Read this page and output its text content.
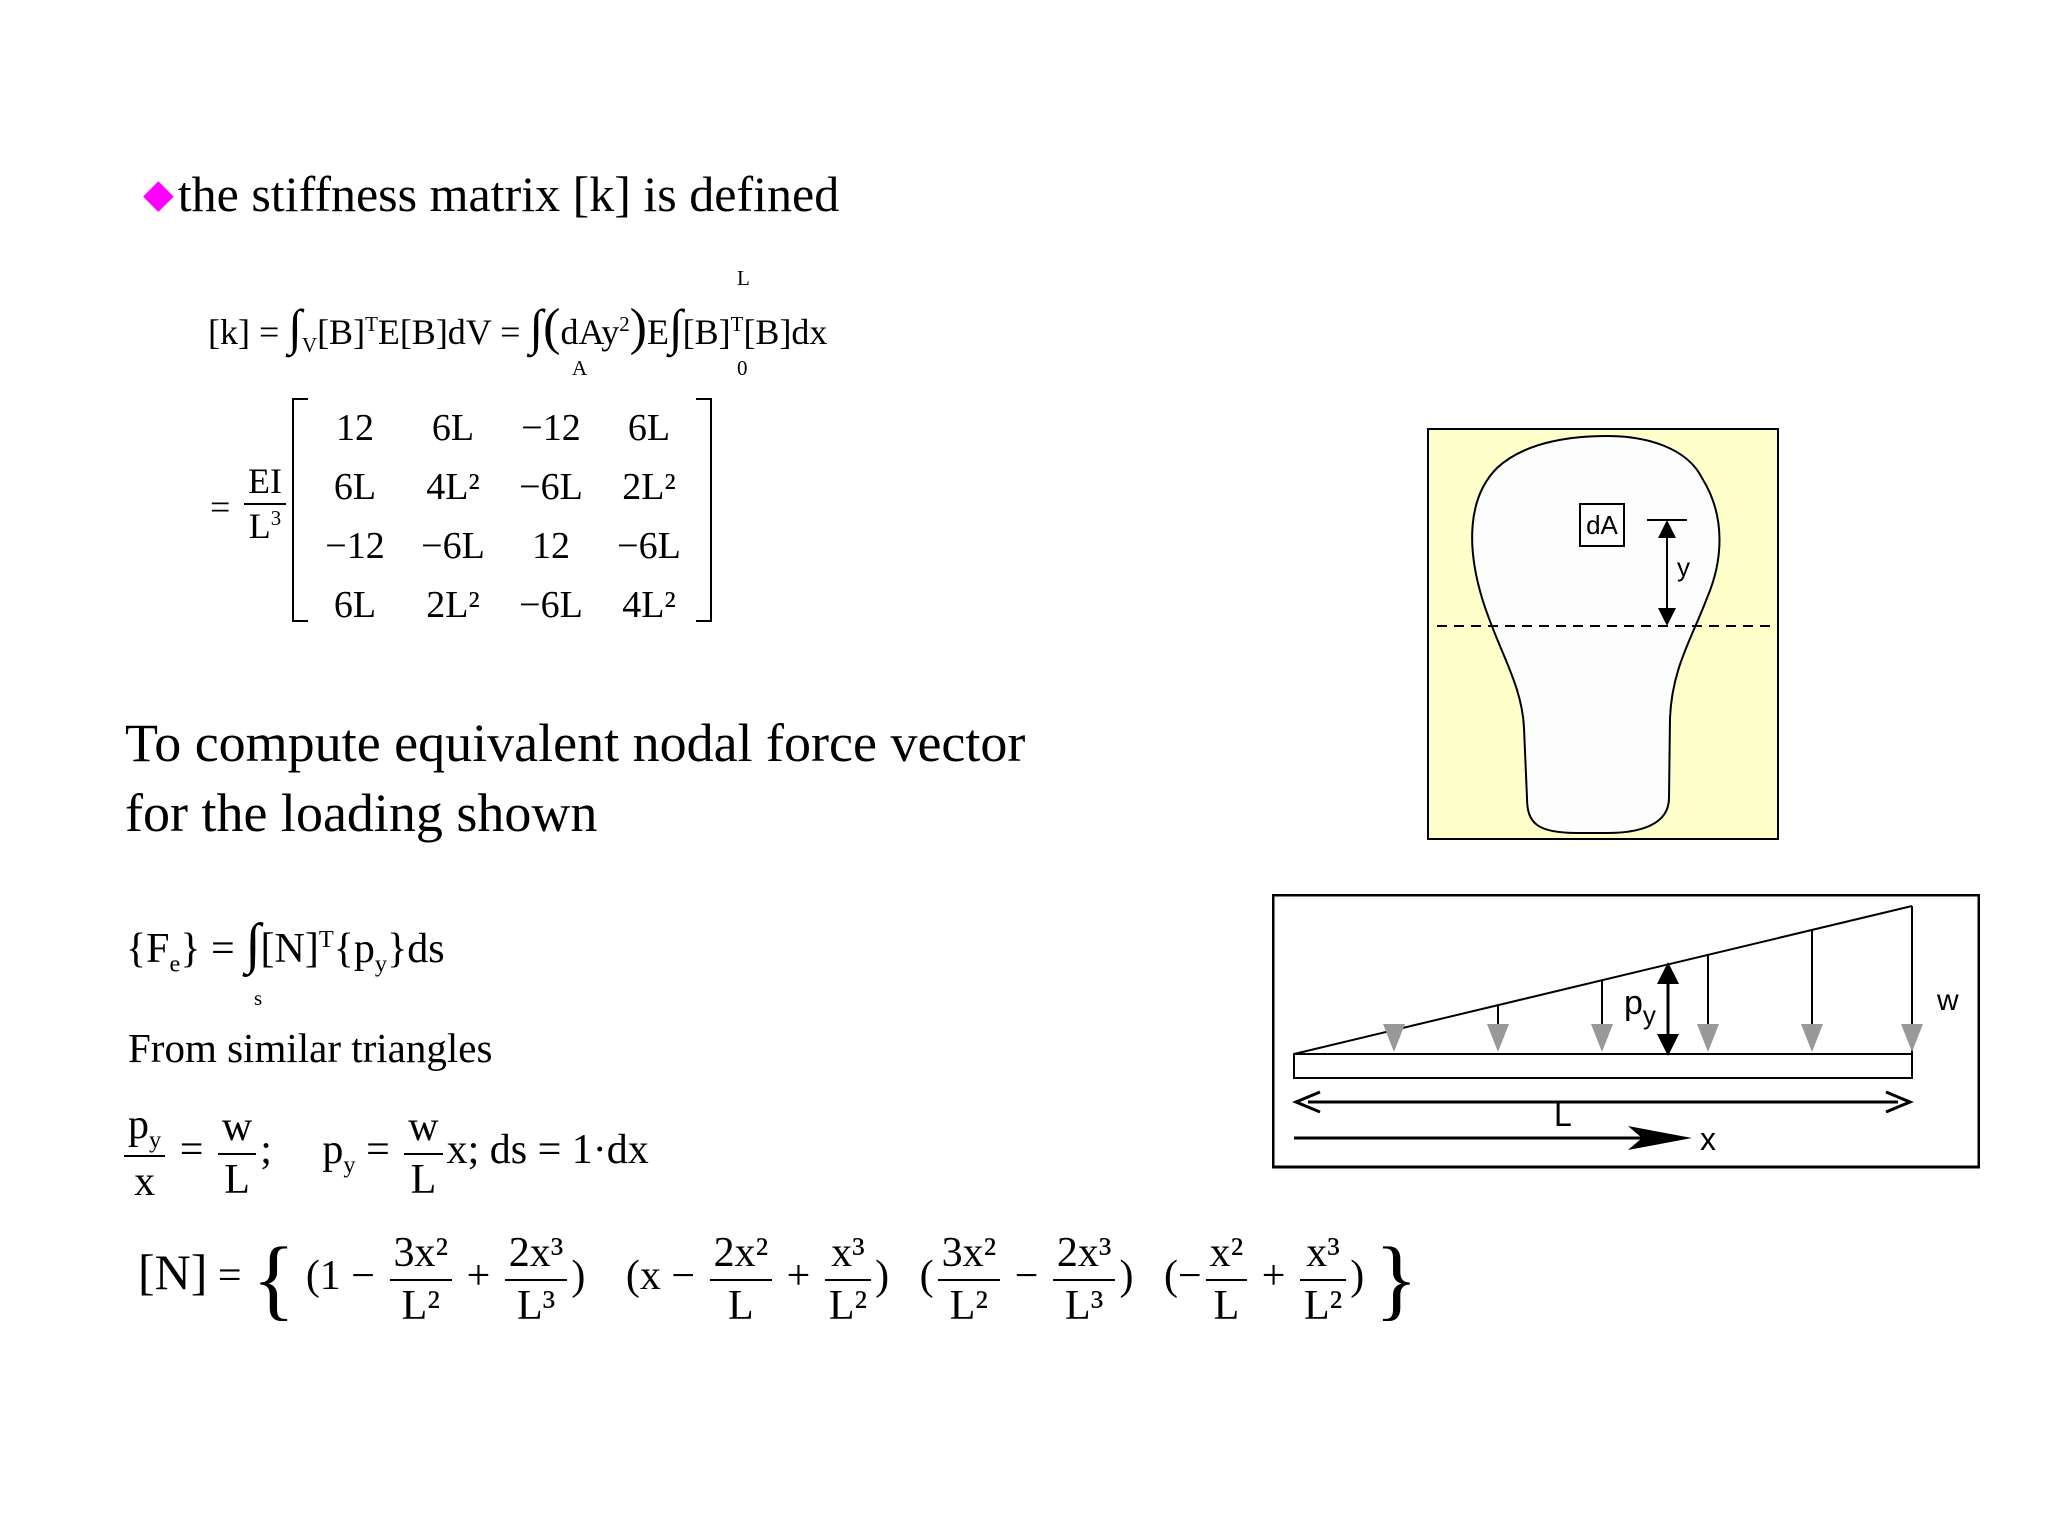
◆the stiffness matrix [k] is defined
$[k] = \int_V[B]^TE[B]dV = \int(dAy^2)E\int[B]^T[B]dx$
L
0
A
= $\frac{EI}{L^3}$
12	6L	−12	6L
6L	4L²	−6L	2L²
−12	−6L	12	−6L
6L	2L²	−6L	4L²
To compute equivalent nodal force vector
for the loading shown
$\{F_e\} = \int[N]^T\{p_y\}ds$
s
From similar triangles
$\frac{p_y}{x} = \frac{w}{L}$ ; $p_y = \frac{w}{L} x$; ds = 1·dx
[N] = { ($1 - \frac{\text{3x²}}{\text{L²}} + \frac{\text{2x³}}{\text{L³}}$ ) ($x - \frac{\text{2x²}}{L} + \frac{\text{x³}}{\text{L²}}$ ) ( $\frac{\text{3x²}}{\text{L²}} - \frac{\text{2x³}}{\text{L³}}$ ) (− $\frac{\text{x²}}{L} + \frac{\text{x³}}{\text{L²}}$ ) }
dA
y
$p_y$	w
L
x
